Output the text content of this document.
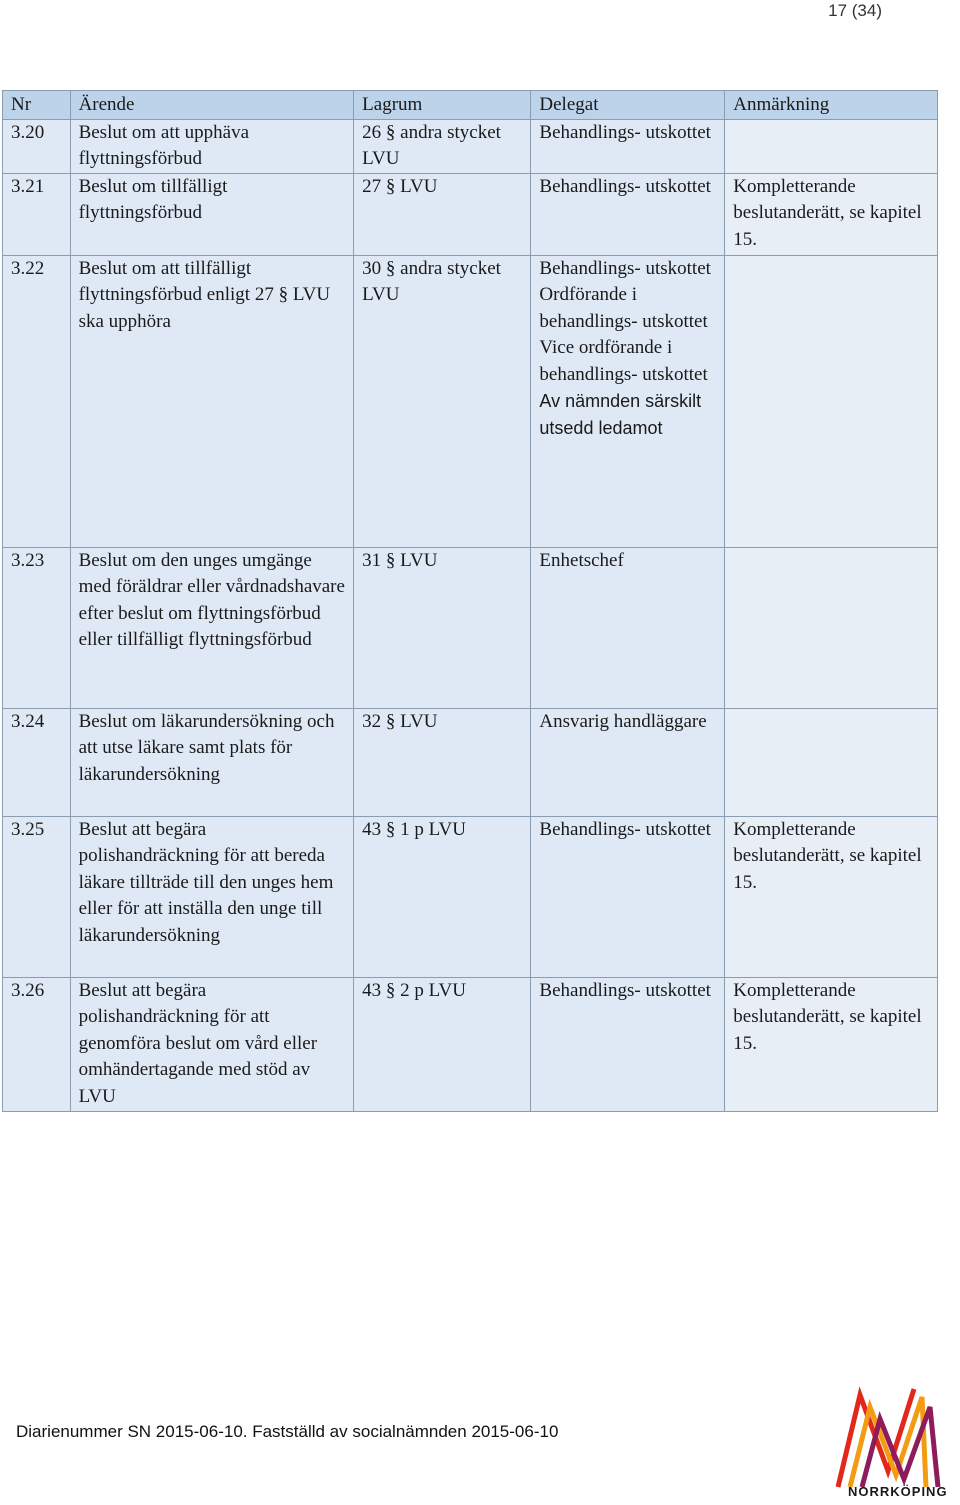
17 (34)
Nr	Ärende	Lagrum	Delegat	Anmärkning
3.20	Beslut om att upphäva flyttningsförbud	26 § andra stycket LVU	Behandlings- utskottet	
3.21	Beslut om tillfälligt flyttningsförbud	27 § LVU	Behandlings- utskottet	Kompletterande beslutanderätt, se kapitel 15.
3.22	Beslut om att tillfälligt flyttningsförbud enligt 27 § LVU ska upphöra	30 § andra stycket LVU	Behandlings- utskottet
Ordförande i behandlings- utskottet
Vice ordförande i behandlings- utskottet
Av nämnden särskilt utsedd ledamot	

3.23	Beslut om den unges umgänge med föräldrar eller vårdnadshavare efter beslut om flyttningsförbud eller tillfälligt flyttningsförbud	31 § LVU	Enhetschef	
3.24	Beslut om läkarundersökning och att utse läkare samt plats för läkarundersökning	32 § LVU	Ansvarig handläggare	
3.25	Beslut att begära polishandräckning för att bereda läkare tillträde till den unges hem eller för att inställa den unge till läkarundersökning	43 § 1 p LVU	Behandlings- utskottet	Kompletterande beslutanderätt, se kapitel 15.
3.26	Beslut att begära polishandräckning för att genomföra beslut om vård eller omhändertagande med stöd av LVU	43 § 2 p LVU	Behandlings- utskottet	Kompletterande beslutanderätt, se kapitel 15.
Diarienummer SN 2015-06-10. Fastställd av socialnämnden 2015-06-10
NORRKÖPING
